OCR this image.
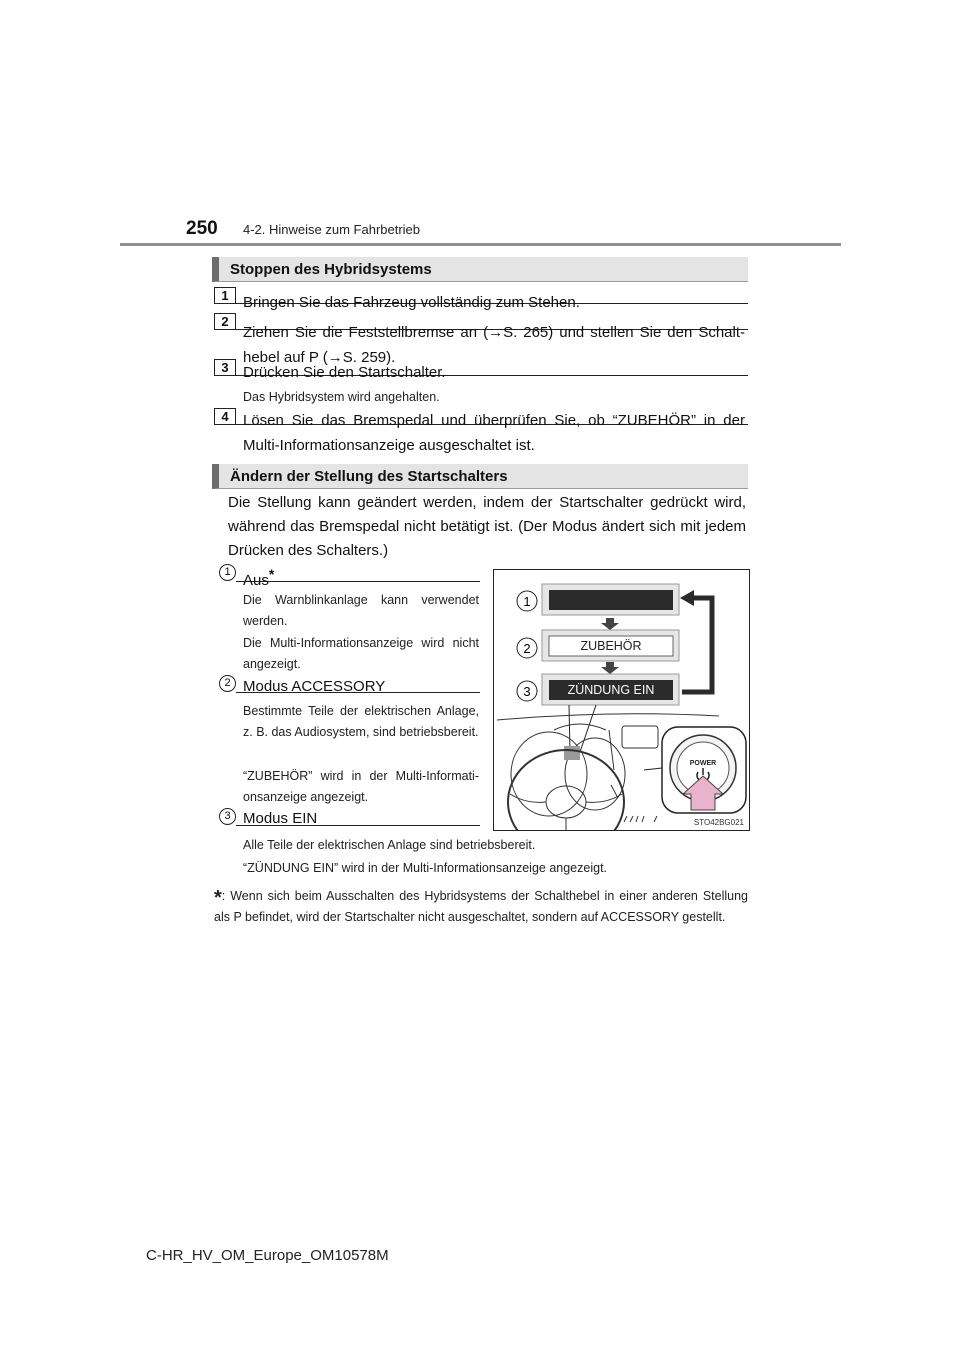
250 4-2. Hinweise zum Fahrbetrieb
Stoppen des Hybridsystems
1 Bringen Sie das Fahrzeug vollständig zum Stehen.
2
Ziehen Sie die Feststellbremse an (→S. 265) und stellen Sie den Schalt-hebel auf P (→S. 259).
3 Drücken Sie den Startschalter.
Das Hybridsystem wird angehalten.
4 Lösen Sie das Bremspedal und überprüfen Sie, ob “ZUBEHÖR” in der Multi-Informationsanzeige ausgeschaltet ist.
Ändern der Stellung des Startschalters
Die Stellung kann geändert werden, indem der Startschalter gedrückt wird, während das Bremspedal nicht betätigt ist. (Der Modus ändert sich mit jedem Drücken des Schalters.)
1 Aus*
Die Warnblinkanlage kann verwendet werden.
Die Multi-Informationsanzeige wird nicht angezeigt.
2 Modus ACCESSORY
Bestimmte Teile der elektrischen Anlage, z. B. das Audiosystem, sind betriebsbereit.
“ZUBEHÖR” wird in der Multi-Informati-onsanzeige angezeigt.
3 Modus EIN
Alle Teile der elektrischen Anlage sind betriebsbereit.
“ZÜNDUNG EIN” wird in der Multi-Informationsanzeige angezeigt.
1
2
3
ZUBEHÖR
ZÜNDUNG EIN
POWER
STO42BG021
*: Wenn sich beim Ausschalten des Hybridsystems der Schalthebel in einer anderen Stellung als P befindet, wird der Startschalter nicht ausgeschaltet, sondern auf ACCESSORY gestellt.
C-HR_HV_OM_Europe_OM10578M
